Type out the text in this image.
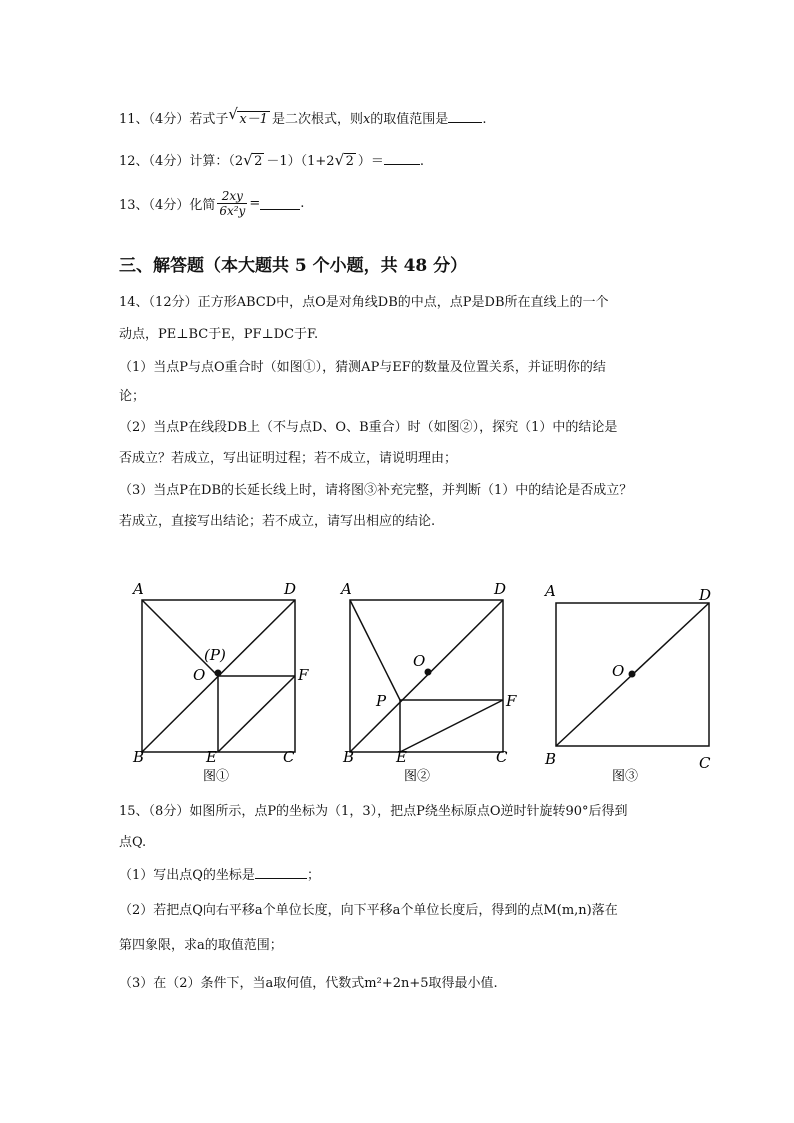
11、（4分）若式子 √ x－1 是二次根式，则x的取值范围是	.
12、（4分）计算：（2 √ 2 －1）（1+2 √ 2 ）＝	.
13、（4分）化简 $\frac{2xy}{\text{6x²y}}$ =	.
三、解答题（本大题共 5 个小题，共 48 分）
14、（12分）正方形ABCD中，点O是对角线DB的中点，点P是DB所在直线上的一个
动点，PE⊥BC于E，PF⊥DC于F.
（1）当点P与点O重合时（如图①），猜测AP与EF的数量及位置关系，并证明你的结
论；
（2）当点P在线段DB上（不与点D、O、B重合）时（如图②），探究（1）中的结论是
否成立？若成立，写出证明过程；若不成立，请说明理由；
（3）当点P在DB的长延长线上时，请将图③补充完整，并判断（1）中的结论是否成立？
若成立，直接写出结论；若不成立，请写出相应的结论.
A	D
B	C
O
(P)
F
E
图①
A	D
B	C
O
P	F
E
图②
A	D
B	C
O
图③
15、（8分）如图所示，点P的坐标为（1，3），把点P绕坐标原点O逆时针旋转90°后得到
点Q.
（1）写出点Q的坐标是	；
（2）若把点Q向右平移a个单位长度，向下平移a个单位长度后，得到的点M(m,n)落在
第四象限，求a的取值范围；
（3）在（2）条件下，当a取何值，代数式m²+2n+5取得最小值.
